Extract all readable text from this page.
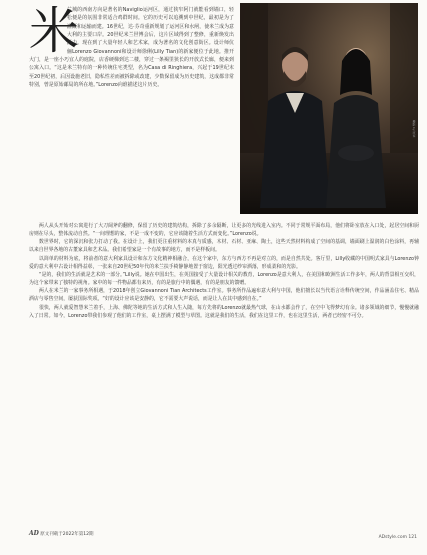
米
兰城的西南方向是著名的Naviglio运河区，通过狭窄阿门就能看到墙口，轻松便是的氛围非常适合鸡群时间。它的历史可以追溯到中世纪，最初是为了灌溉和运输而建。16世纪，达·芬奇重新规划了运河区和水闸，使米兰成为意大利的主要口岸。20世纪米兰世博会后，这片区域得到了整修，重新焕发出活力。现在到了大量年轻人和艺术家，成为著名的文化创意街区。设计师伉俪Lorenzo Giovannoni和设计师徐俐(Lilly Tian)的新家便位于此地。推开大门，是一座小巧宜人的庭院，店香硬梯到达二楼，穿过一条褐里狭长的开放式长廊，便来到公寓入口。“这是米兰特有的一种传统住宅类型，名为Casa di Ringhiera，兴起于19世纪末至20世纪初，后因设施老旧，隐私性差而被拆除或改建，少数保留成为历史建筑，这成都非常特别，曾是原始邮局的所在地。”Lorenzo向谁描述这片历史。
摄影 by 原本

两人从头开始对公寓进行了大刀阔斧的翻修，保留了历史的建筑结构，拆除了多余隔断，让更多的光线进入室内。不同于常规平面布局，他们将卧室放在入口处，起居空间和厨房则在尽头，整体流动自然。“一间理想的家，不是一成不变的，它应该随着生活方式而变化。”Lorenzo说。

数世界时，它的深沉和张力打动了我。在设计上，我们更注重材料的本真与质感，木材、石材、亚麻、陶土，这些天然材料构成了空间的基调，墙面刷上温润的白色涂料，再辅以来自世界各地的古董家具和艺术品。我们希望家是一个有故事的地方，而不是样板间。

以简单的材料为底，将前者的意大利家具设计和东方文化精神相融合，在这个家中，东方与西方不再是对立的，而是自然共处。客厅里，Lilly收藏的中国明式家具与Lorenzo钟爱的意大利中古设计相得益彰，一张来自20世纪50年代的米兰扶手椅静静地置于窗边，阳光透过纱帘洒落，形成柔和的光影。

“是的，我们的生活就是艺术的一部分。”Lilly说。她在中国出生，在英国接受了大量设计相关的教育，Lorenzo是意大利人，在美国和欧洲生活工作多年，两人的背景相互交织，为这个家带来了独特的视角。家中的每一件物品都有来历，有的是旅行中的偶遇，有的是朋友的馈赠。

两人在米兰的一家事务所相遇，于2018年创立Giovannoni Tian Architects工作室。事务所作品遍布意大利与中国，他们擅长以当代语言诠释传统空间，作品涵盖住宅、精品酒店与零售空间，屡获国际奖项。“好的设计应该是安静的，它不需要大声说话，而是让人在其中感到自在。”

很快，两人就爱智慧米兰着手，上海、佛陀等地的生活方式和人生入随，每方先将的Lorenzo就最热气球，在山水都会作了，在空中飞得梦幻有余。诸多领域的细节，慢慢就融入了日常。如今，Lorenzo带我们参观了他们的工作室，桌上摆满了模型与草图。这就是我们的生活，我们在这里工作，也在这里生活，两者已经密不可分。

AD 原文刊载于2022年第12期
ADstyle.com 121
